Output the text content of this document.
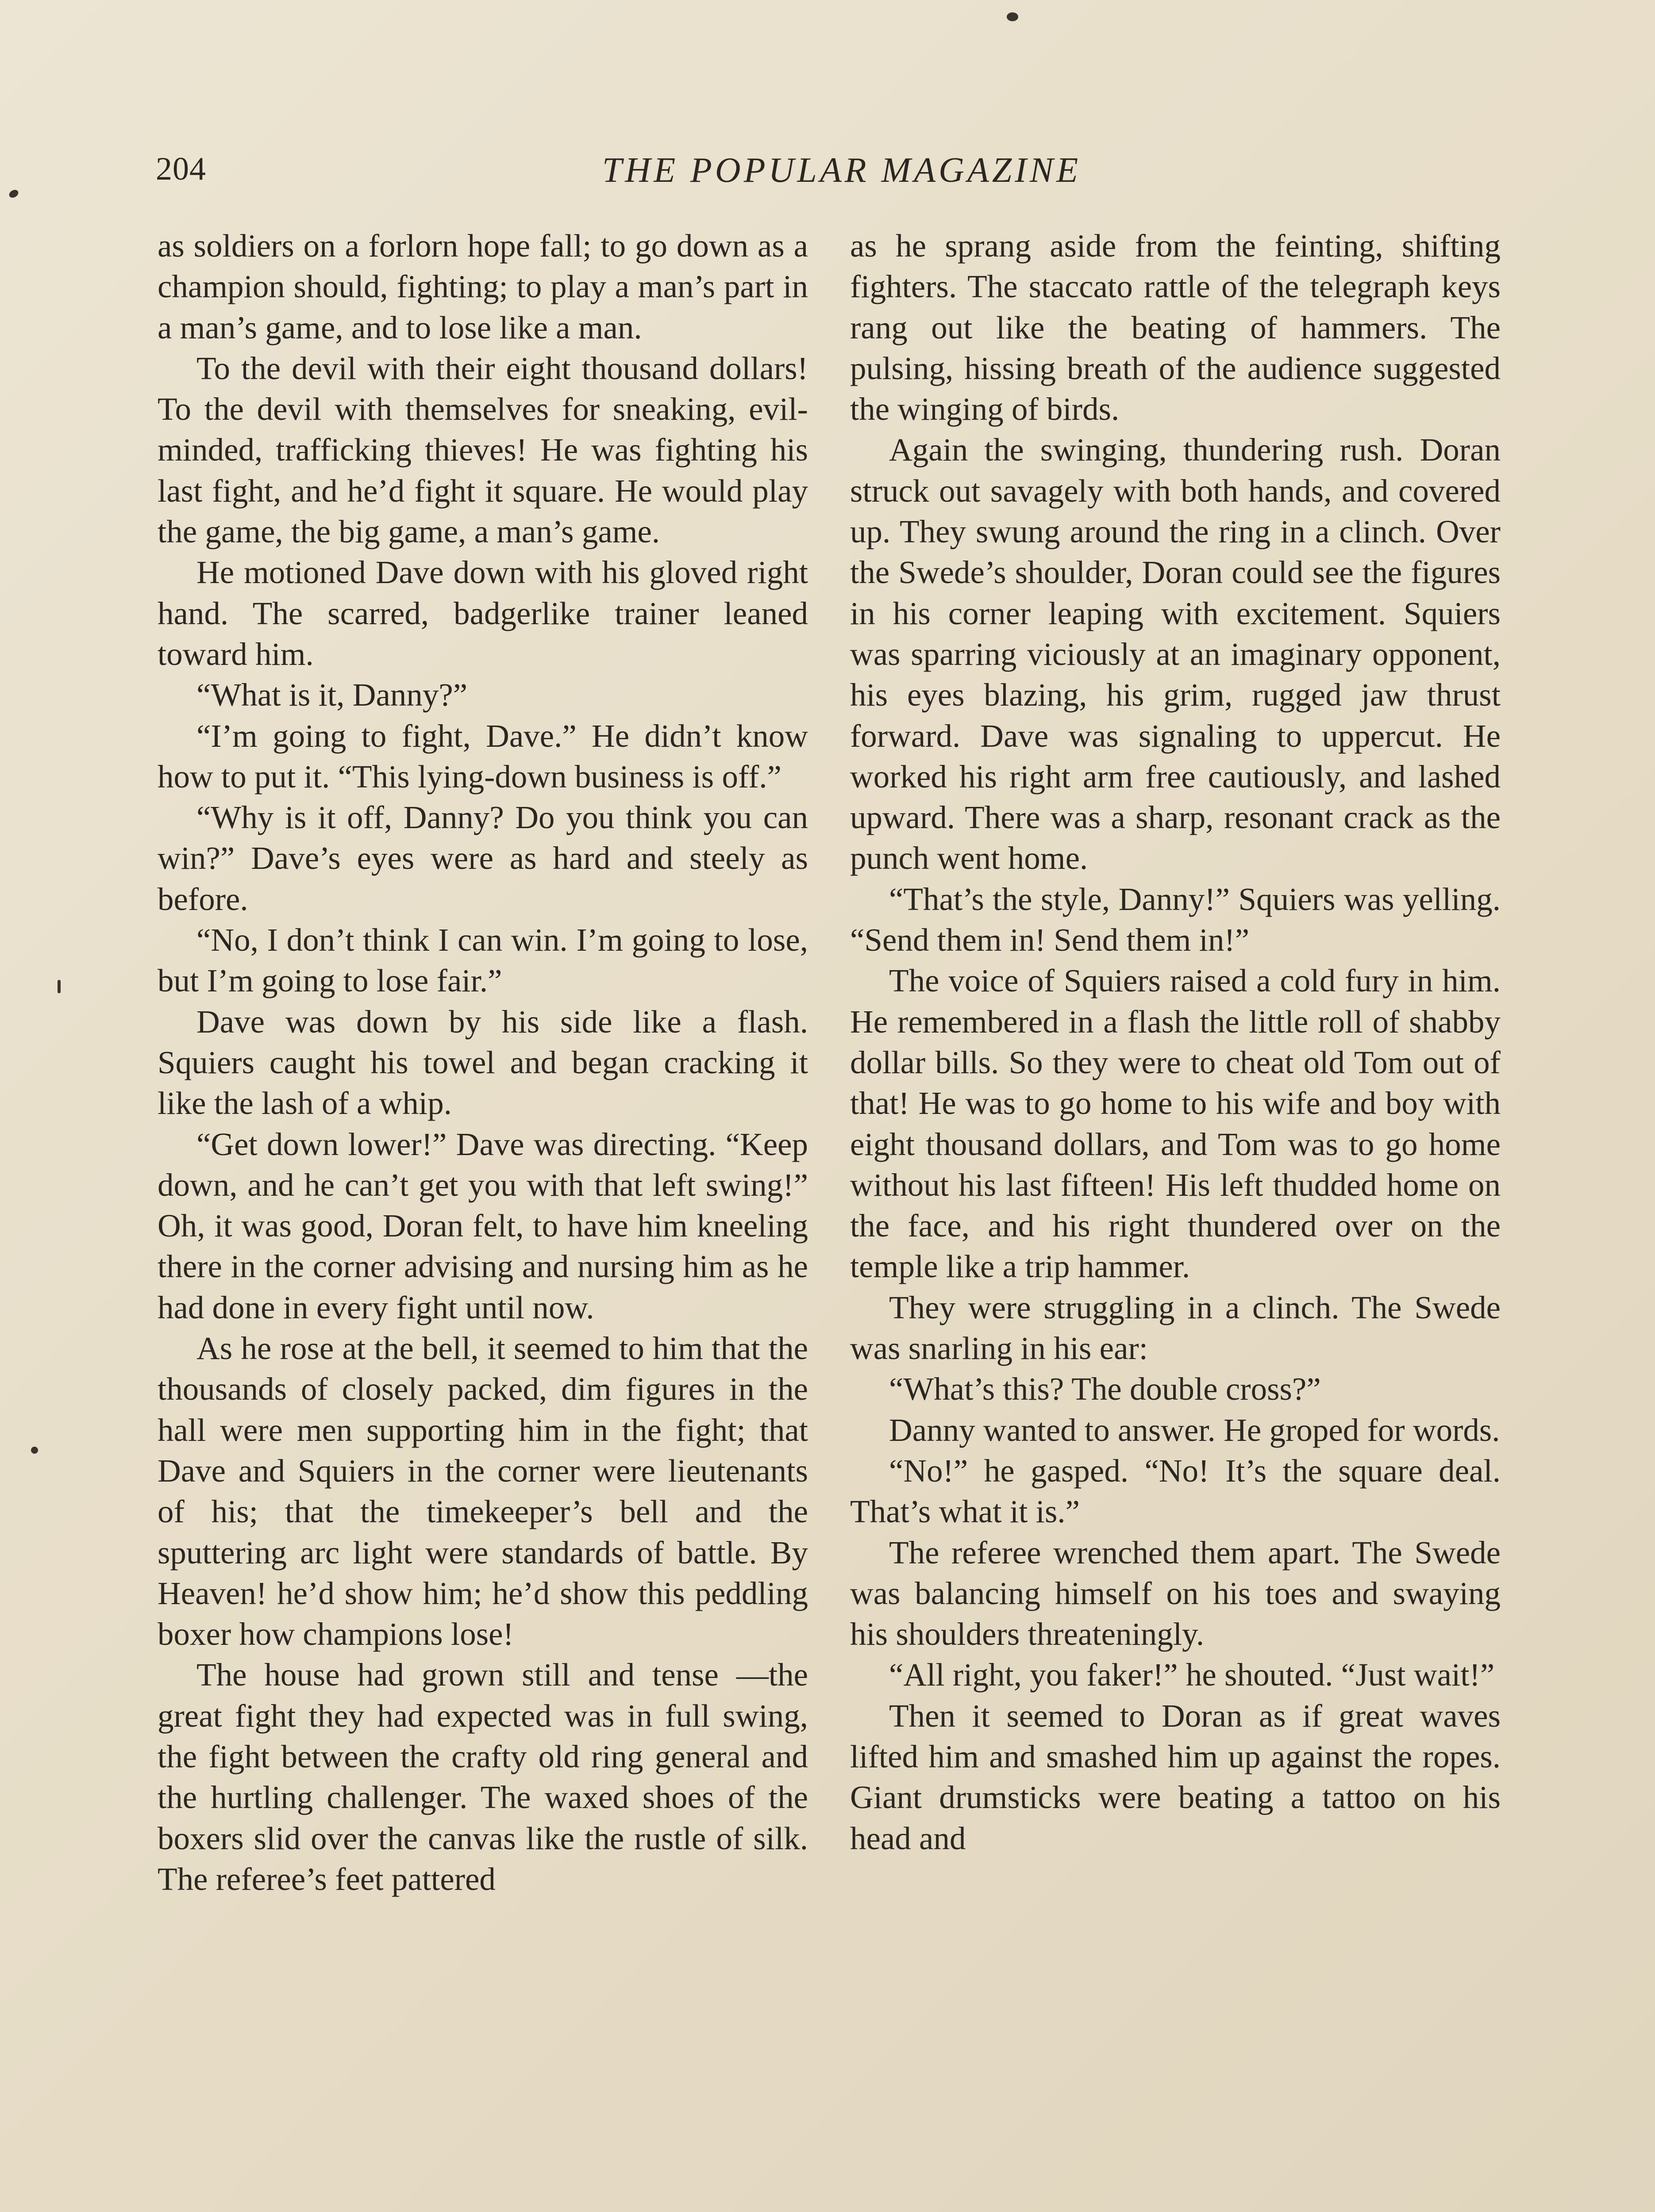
204	THE POPULAR MAGAZINE

as soldiers on a forlorn hope fall; to go down as a champion should, fighting; to play a man’s part in a man’s game, and to lose like a man.

To the devil with their eight thousand dollars! To the devil with themselves for sneaking, evil-minded, trafficking thieves! He was fighting his last fight, and he’d fight it square. He would play the game, the big game, a man’s game.

He motioned Dave down with his gloved right hand. The scarred, badgerlike trainer leaned toward him.

“What is it, Danny?”

“I’m going to fight, Dave.” He didn’t know how to put it. “This lying-down business is off.”

“Why is it off, Danny? Do you think you can win?” Dave’s eyes were as hard and steely as before.

“No, I don’t think I can win. I’m going to lose, but I’m going to lose fair.”

Dave was down by his side like a flash. Squiers caught his towel and began cracking it like the lash of a whip.

“Get down lower!” Dave was directing. “Keep down, and he can’t get you with that left swing!” Oh, it was good, Doran felt, to have him kneeling there in the corner advising and nursing him as he had done in every fight until now.

As he rose at the bell, it seemed to him that the thousands of closely packed, dim figures in the hall were men supporting him in the fight; that Dave and Squiers in the corner were lieutenants of his; that the timekeeper’s bell and the sputtering arc light were standards of battle. By Heaven! he’d show him; he’d show this peddling boxer how champions lose!

The house had grown still and tense —the great fight they had expected was in full swing, the fight between the crafty old ring general and the hurtling challenger. The waxed shoes of the boxers slid over the canvas like the rustle of silk. The referee’s feet pattered

as he sprang aside from the feinting, shifting fighters. The staccato rattle of the telegraph keys rang out like the beating of hammers. The pulsing, hissing breath of the audience suggested the winging of birds.

Again the swinging, thundering rush. Doran struck out savagely with both hands, and covered up. They swung around the ring in a clinch. Over the Swede’s shoulder, Doran could see the figures in his corner leaping with excitement. Squiers was sparring viciously at an imaginary opponent, his eyes blazing, his grim, rugged jaw thrust forward. Dave was signaling to uppercut. He worked his right arm free cautiously, and lashed upward. There was a sharp, resonant crack as the punch went home.

“That’s the style, Danny!” Squiers was yelling. “Send them in! Send them in!”

The voice of Squiers raised a cold fury in him. He remembered in a flash the little roll of shabby dollar bills. So they were to cheat old Tom out of that! He was to go home to his wife and boy with eight thousand dollars, and Tom was to go home without his last fifteen! His left thudded home on the face, and his right thundered over on the temple like a trip hammer.

They were struggling in a clinch. The Swede was snarling in his ear:

“What’s this? The double cross?”

Danny wanted to answer. He groped for words.

“No!” he gasped. “No! It’s the square deal. That’s what it is.”

The referee wrenched them apart. The Swede was balancing himself on his toes and swaying his shoulders threateningly.

“All right, you faker!” he shouted. “Just wait!”

Then it seemed to Doran as if great waves lifted him and smashed him up against the ropes. Giant drumsticks were beating a tattoo on his head and
